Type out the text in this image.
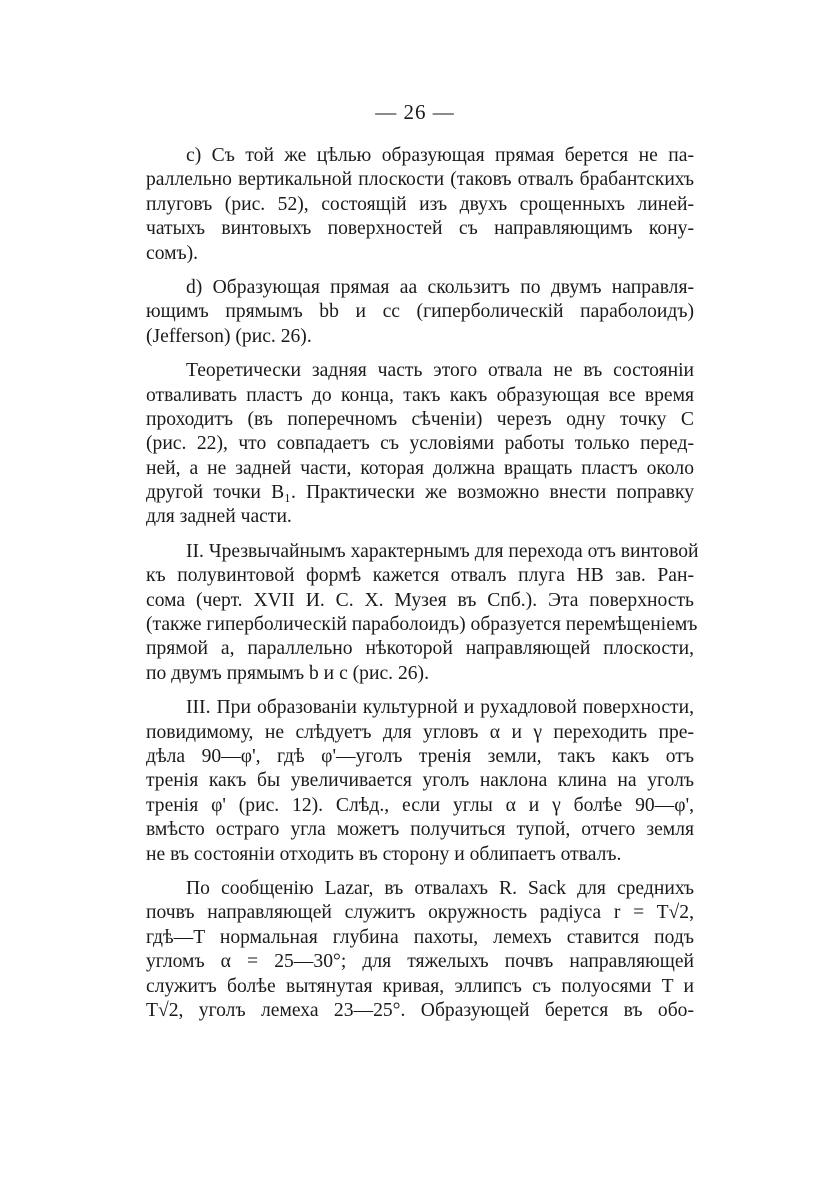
— 26 —
c) Съ той же цѣлью образующая прямая берется не па-
раллельно вертикальной плоскости (таковъ отвалъ брабантскихъ
плуговъ (рис. 52), состоящій изъ двухъ срощенныхъ линей-
чатыхъ винтовыхъ поверхностей съ направляющимъ кону-
сомъ).
d) Образующая прямая aa скользитъ по двумъ направля-
ющимъ прямымъ bb и cc (гиперболическій параболоидъ)
(Jefferson) (рис. 26).
Теоретически задняя часть этого отвала не въ состояніи
отваливать пластъ до конца, такъ какъ образующая все время
проходитъ (въ поперечномъ сѣченіи) черезъ одну точку C
(рис. 22), что совпадаетъ съ условіями работы только перед-
ней, а не задней части, которая должна вращать пластъ около
другой точки B₁. Практически же возможно внести поправку
для задней части.
II. Чрезвычайнымъ характернымъ для перехода отъ винтовой
къ полувинтовой формѣ кажется отвалъ плуга HB зав. Ран-
сома (черт. XVII И. С. Х. Музея въ Спб.). Эта поверхность
(также гиперболическій параболоидъ) образуется перемѣщеніемъ
прямой a, параллельно нѣкоторой направляющей плоскости,
по двумъ прямымъ b и c (рис. 26).
III. При образованіи культурной и рухадловой поверхности,
повидимому, не слѣдуетъ для угловъ α и γ переходить пре-
дѣла 90—φ', гдѣ φ'—уголъ тренія земли, такъ какъ отъ
тренія какъ бы увеличивается уголъ наклона клина на уголъ
тренія φ' (рис. 12). Слѣд., если углы α и γ болѣе 90—φ',
вмѣсто остраго угла можетъ получиться тупой, отчего земля
не въ состояніи отходить въ сторону и облипаетъ отвалъ.
По сообщенію Lazar, въ отвалахъ R. Sack для среднихъ
почвъ направляющей служитъ окружность радіуса r = T√2,
гдѣ—T нормальная глубина пахоты, лемехъ ставится подъ
угломъ α = 25—30°; для тяжелыхъ почвъ направляющей
служитъ болѣе вытянутая кривая, эллипсъ съ полуосями T и
T√2, уголъ лемеха 23—25°. Образующей берется въ обо-
